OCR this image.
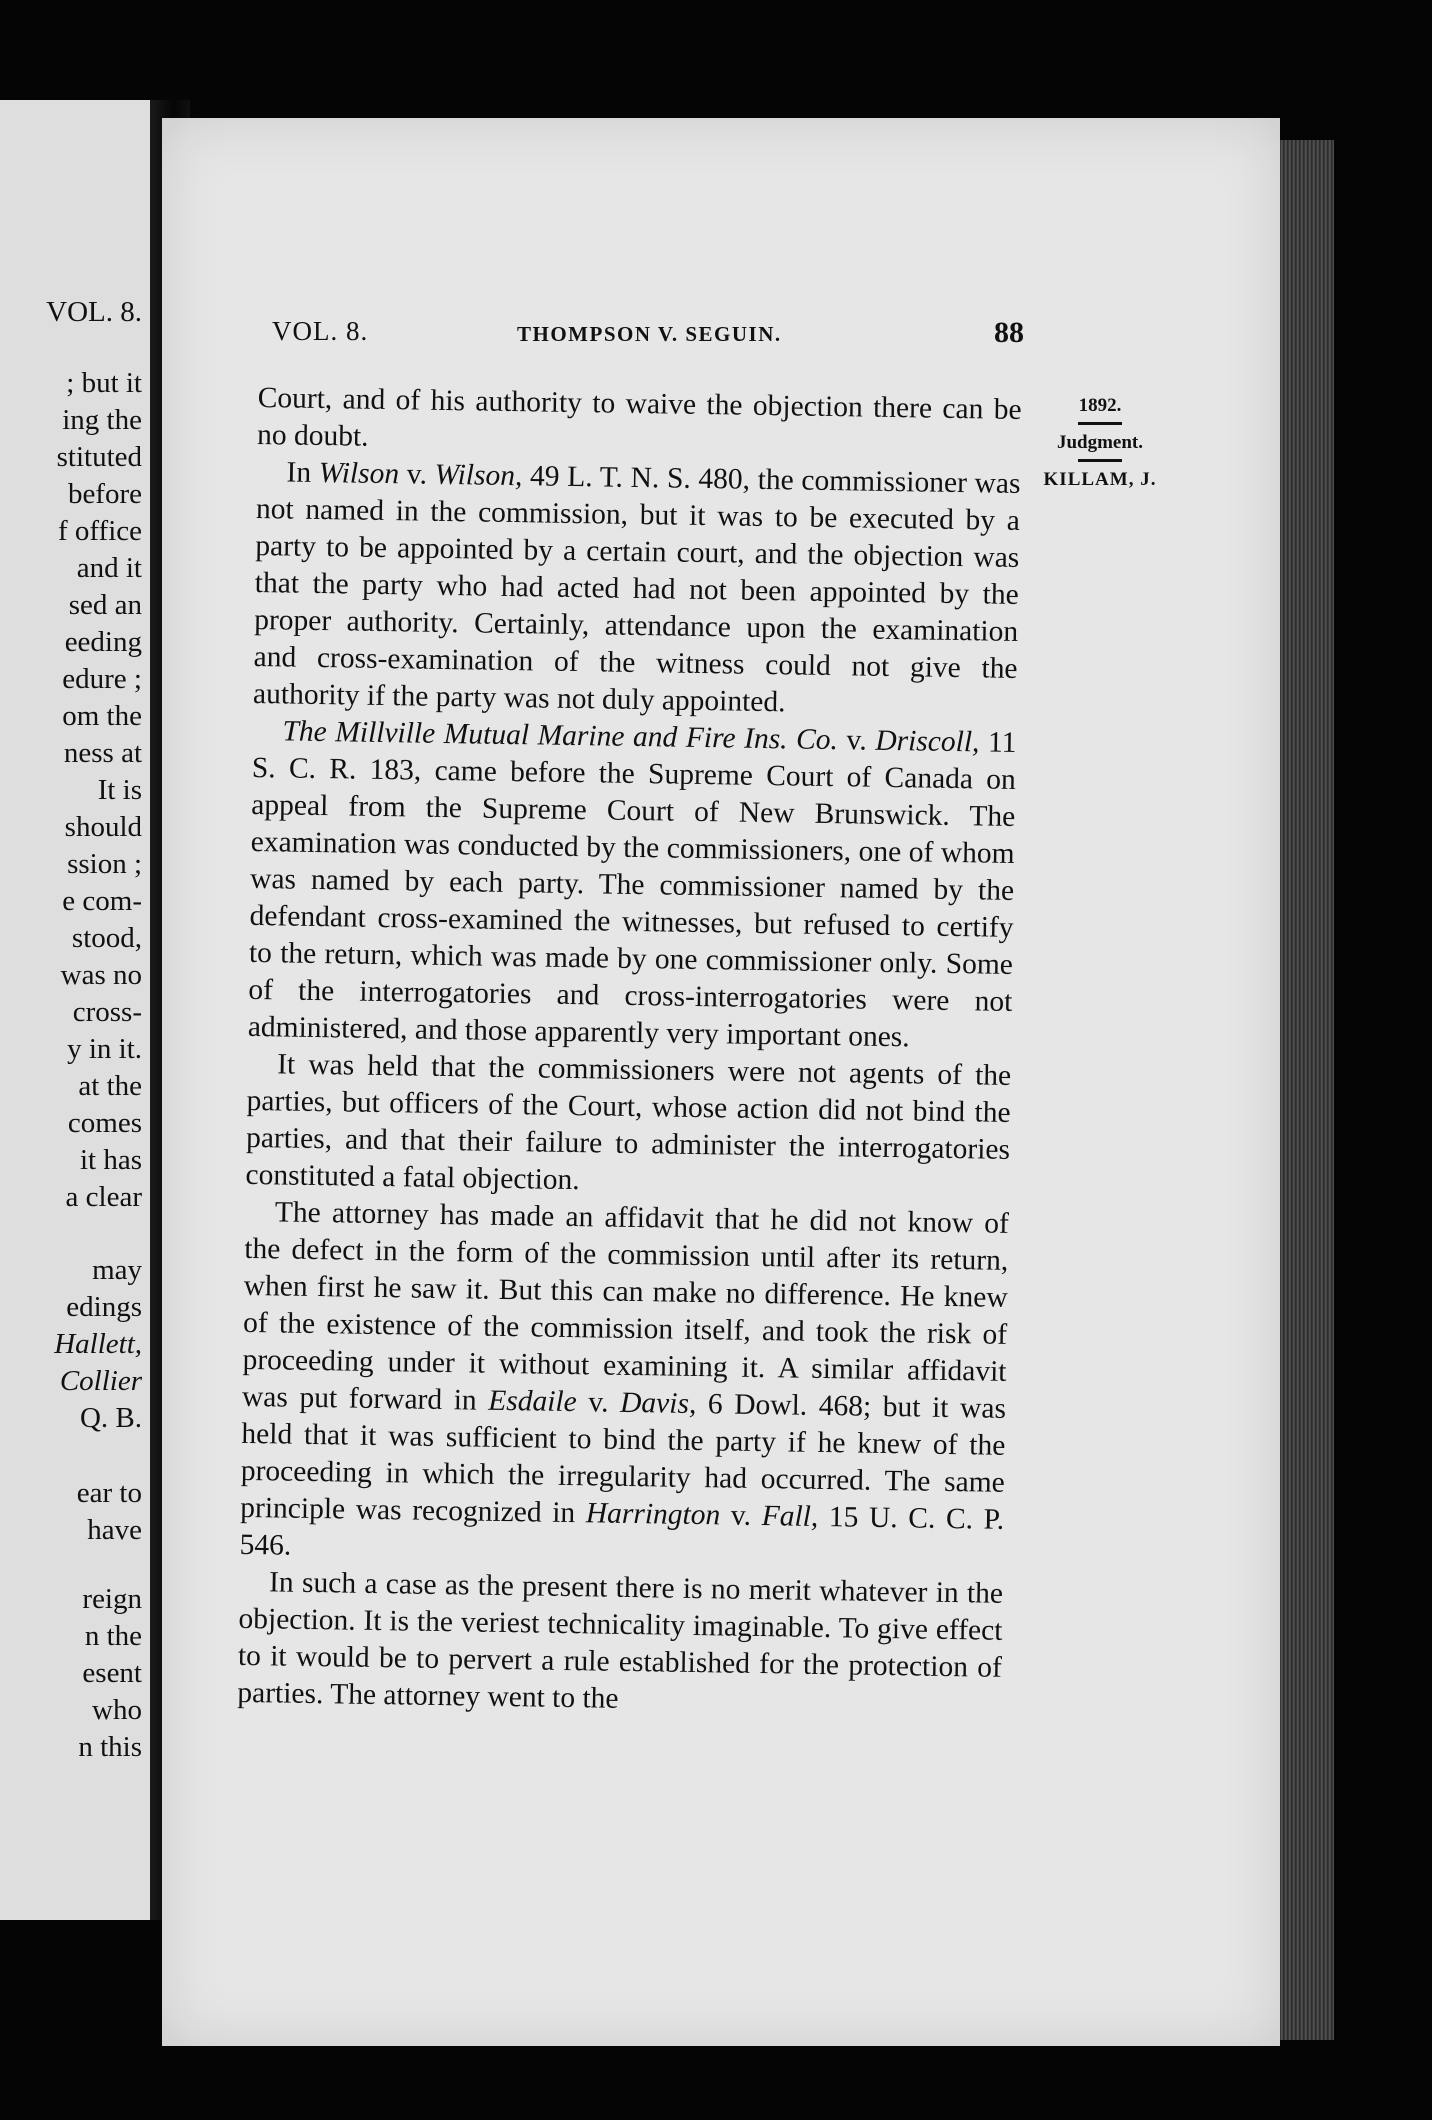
VOL. 8.
; but it
ing the
stituted
before
f office
and it
sed an
eeding
edure ;
om the
ness at
It is
should
ssion ;
e com-
stood,
was no
cross-
y in it.
at the
comes
it has
a clear
may
edings
Hallett,
Collier
Q. B.
ear to
have
reign
n the
esent
who
n this
VOL. 8.	THOMPSON V. SEGUIN.	88
1892.
Judgment.
KILLAM, J.

Court, and of his authority to waive the objection there can be no doubt.

In Wilson v. Wilson, 49 L. T. N. S. 480, the commissioner was not named in the commission, but it was to be executed by a party to be appointed by a certain court, and the objection was that the party who had acted had not been appointed by the proper authority. Certainly, attendance upon the examination and cross-examination of the witness could not give the authority if the party was not duly appointed.

The Millville Mutual Marine and Fire Ins. Co. v. Driscoll, 11 S. C. R. 183, came before the Supreme Court of Canada on appeal from the Supreme Court of New Brunswick. The examination was conducted by the commissioners, one of whom was named by each party. The commissioner named by the defendant cross-examined the witnesses, but refused to certify to the return, which was made by one commissioner only. Some of the interrogatories and cross-interrogatories were not administered, and those apparently very important ones.

It was held that the commissioners were not agents of the parties, but officers of the Court, whose action did not bind the parties, and that their failure to administer the interrogatories constituted a fatal objection.

The attorney has made an affidavit that he did not know of the defect in the form of the commission until after its return, when first he saw it. But this can make no difference. He knew of the existence of the commission itself, and took the risk of proceeding under it without examining it. A similar affidavit was put forward in Esdaile v. Davis, 6 Dowl. 468; but it was held that it was sufficient to bind the party if he knew of the proceeding in which the irregularity had occurred. The same principle was recognized in Harrington v. Fall, 15 U. C. C. P. 546.

In such a case as the present there is no merit whatever in the objection. It is the veriest technicality imaginable. To give effect to it would be to pervert a rule established for the protection of parties. The attorney went to the
